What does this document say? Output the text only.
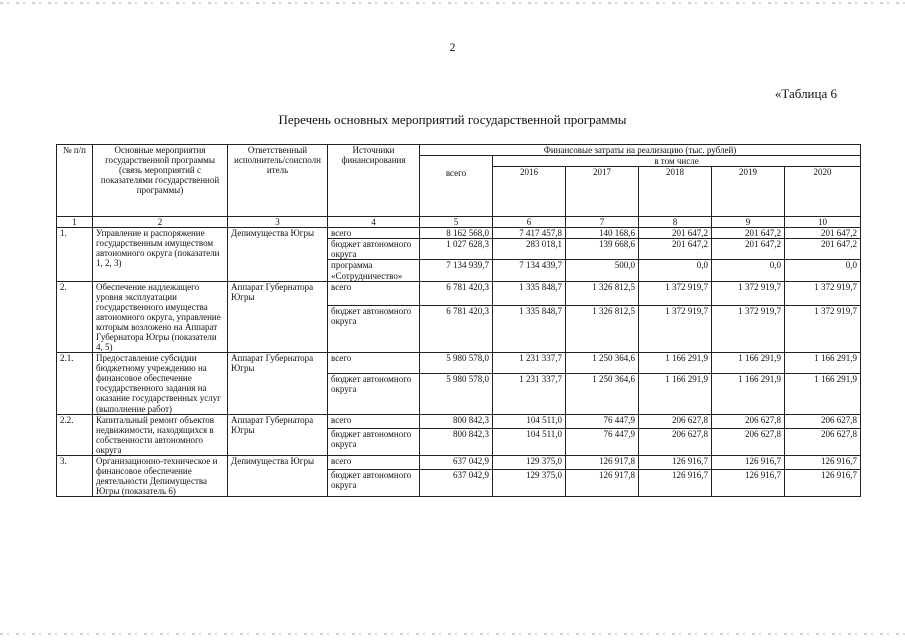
2
«Таблица 6
Перечень основных мероприятий государственной программы
№ п/п	Основные мероприятия государственной программы (связь мероприятий с показателями государственной программы)	Ответственный исполнитель/соисполн итель	Источники финансирования	Финансовые затраты на реализацию (тыс. рублей)					
				всего	в том числе				
					2016	2017	2018	2019	2020
1	2	3	4	5	6	7	8	9	10
1.	Управление и распоряжение государственным имуществом автономного округа (показатели 1, 2, 3)	Депимущества Югры	всего	8 162 568,0	7 417 457,8	140 168,6	201 647,2	201 647,2	201 647,2
			бюджет автономного округа	1 027 628,3	283 018,1	139 668,6	201 647,2	201 647,2	201 647,2
			программа «Сотрудничество»	7 134 939,7	7 134 439,7	500,0	0,0	0,0	0,0
2.	Обеспечение надлежащего уровня эксплуатации государственного имущества автономного округа, управление которым возложено на Аппарат Губернатора Югры (показатели 4, 5)	Аппарат Губернатора Югры	всего	6 781 420,3	1 335 848,7	1 326 812,5	1 372 919,7	1 372 919,7	1 372 919,7
			бюджет автономного округа	6 781 420,3	1 335 848,7	1 326 812,5	1 372 919,7	1 372 919,7	1 372 919,7
2.1.	Предоставление субсидии бюджетному учреждению на финансовое обеспечение государственного задания на оказание государственных услуг (выполнение работ)	Аппарат Губернатора Югры	всего	5 980 578,0	1 231 337,7	1 250 364,6	1 166 291,9	1 166 291,9	1 166 291,9
			бюджет автономного округа	5 980 578,0	1 231 337,7	1 250 364,6	1 166 291,9	1 166 291,9	1 166 291,9
2.2.	Капитальный ремонт объектов недвижимости, находящихся в собственности автономного округа	Аппарат Губернатора Югры	всего	800 842,3	104 511,0	76 447,9	206 627,8	206 627,8	206 627,8
			бюджет автономного округа	800 842,3	104 511,0	76 447,9	206 627,8	206 627,8	206 627,8
3.	Организационно-техническое и финансовое обеспечение деятельности Депимущества Югры (показатель 6)	Депимущества Югры	всего	637 042,9	129 375,0	126 917,8	126 916,7	126 916,7	126 916,7
			бюджет автономного округа	637 042,9	129 375,0	126 917,8	126 916,7	126 916,7	126 916,7
